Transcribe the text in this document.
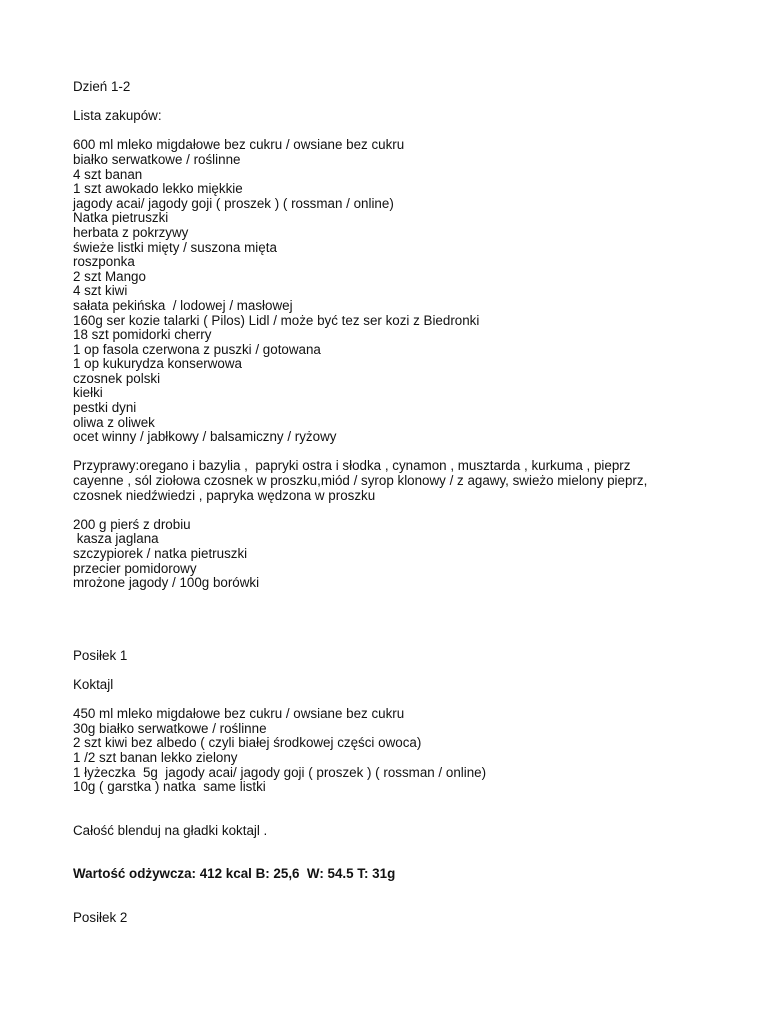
Dzień 1-2

Lista zakupów:

600 ml mleko migdałowe bez cukru / owsiane bez cukru

białko serwatkowe / roślinne

4 szt banan

1 szt awokado lekko miękkie

jagody acai/ jagody goji ( proszek ) ( rossman / online)

Natka pietruszki

herbata z pokrzywy

świeże listki mięty / suszona mięta

roszponka

2 szt Mango

4 szt kiwi

sałata pekińska  / lodowej / masłowej

160g ser kozie talarki ( Pilos) Lidl / może być tez ser kozi z Biedronki

18 szt pomidorki cherry

1 op fasola czerwona z puszki / gotowana

1 op kukurydza konserwowa

czosnek polski

kiełki

pestki dyni

oliwa z oliwek

ocet winny / jabłkowy / balsamiczny / ryżowy

Przyprawy:oregano i bazylia ,  papryki ostra i słodka , cynamon , musztarda , kurkuma , pieprz

cayenne , sól ziołowa czosnek w proszku,miód / syrop klonowy / z agawy, swieżo mielony pieprz,

czosnek niedźwiedzi , papryka wędzona w proszku

200 g pierś z drobiu

kasza jaglana

szczypiorek / natka pietruszki

przecier pomidorowy

mrożone jagody / 100g borówki

Posiłek 1

Koktajl

450 ml mleko migdałowe bez cukru / owsiane bez cukru

30g białko serwatkowe / roślinne

2 szt kiwi bez albedo ( czyli białej środkowej części owoca)

1 /2 szt banan lekko zielony

1 łyżeczka  5g  jagody acai/ jagody goji ( proszek ) ( rossman / online)

10g ( garstka ) natka  same listki

Całość blenduj na gładki koktajl .

Wartość odżywcza: 412 kcal B: 25,6  W: 54.5 T: 31g

Posiłek 2
